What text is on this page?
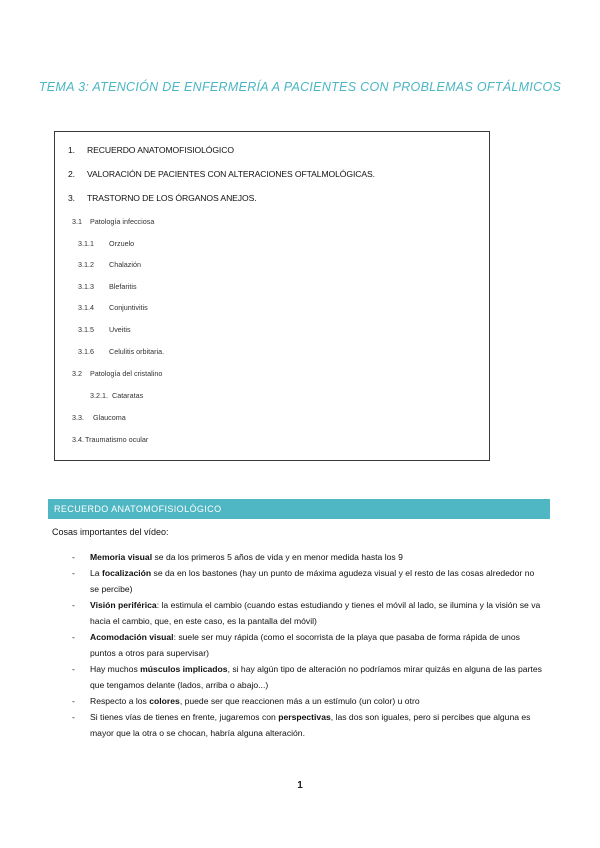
TEMA 3: ATENCIÓN DE ENFERMERÍA A PACIENTES CON PROBLEMAS OFTÁLMICOS
1. RECUERDO ANATOMOFISIOLÓGICO
2. VALORACIÓN DE PACIENTES CON ALTERACIONES OFTALMOLÓGICAS.
3. TRASTORNO DE LOS ÓRGANOS ANEJOS.
3.1 Patología infecciosa
3.1.1 Orzuelo
3.1.2 Chalazión
3.1.3 Blefaritis
3.1.4 Conjuntivitis
3.1.5 Uveitis
3.1.6 Celulitis orbitaria.
3.2 Patología del cristalino
3.2.1. Cataratas
3.3. Glaucoma
3.4.Traumatismo ocular
RECUERDO ANATOMOFISIOLÓGICO
Cosas importantes del vídeo:
- Memoria visual se da los primeros 5 años de vida y en menor medida hasta los 9
- La focalización se da en los bastones (hay un punto de máxima agudeza visual y el resto de las cosas alrededor no se percibe)
- Visión periférica: la estimula el cambio (cuando estas estudiando y tienes el móvil al lado, se ilumina y la visión se va hacia el cambio, que, en este caso, es la pantalla del móvil)
- Acomodación visual: suele ser muy rápida (como el socorrista de la playa que pasaba de forma rápida de unos puntos a otros para supervisar)
- Hay muchos músculos implicados, si hay algún tipo de alteración no podríamos mirar quizás en alguna de las partes que tengamos delante (lados, arriba o abajo...)
- Respecto a los colores, puede ser que reaccionen más a un estímulo (un color) u otro
- Si tienes vías de tienes en frente, jugaremos con perspectivas, las dos son iguales, pero si percibes que alguna es mayor que la otra o se chocan, habría alguna alteración.
1
